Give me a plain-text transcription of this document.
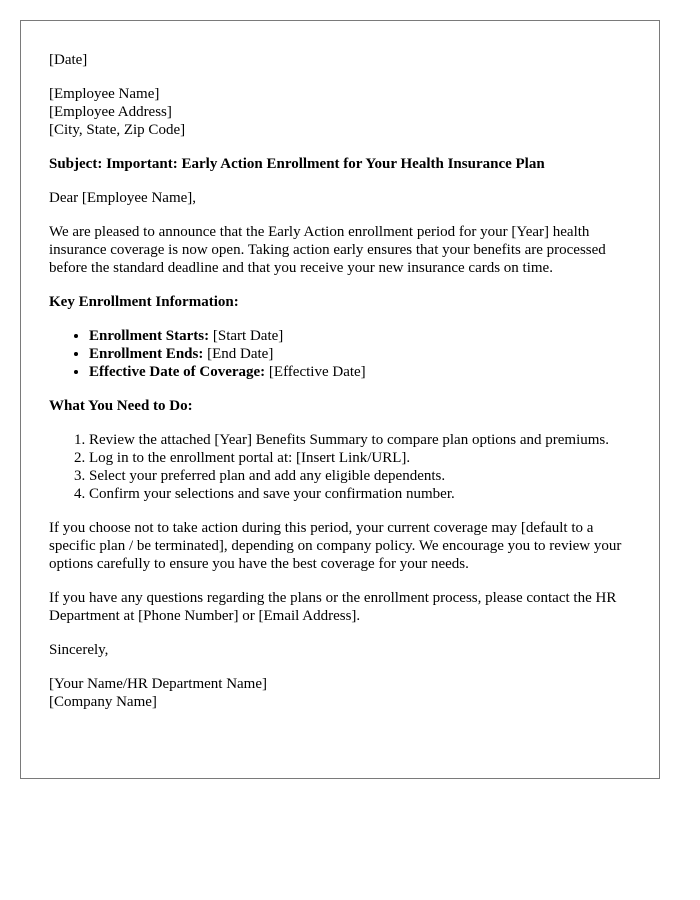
[Date]

[Employee Name]
[Employee Address]
[City, State, Zip Code]

Subject: Important: Early Action Enrollment for Your Health Insurance Plan

Dear [Employee Name],

We are pleased to announce that the Early Action enrollment period for your [Year] health insurance coverage is now open. Taking action early ensures that your benefits are processed before the standard deadline and that you receive your new insurance cards on time.

Key Enrollment Information:

• Enrollment Starts: [Start Date]
• Enrollment Ends: [End Date]
• Effective Date of Coverage: [Effective Date]

What You Need to Do:

1. Review the attached [Year] Benefits Summary to compare plan options and premiums.
2. Log in to the enrollment portal at: [Insert Link/URL].
3. Select your preferred plan and add any eligible dependents.
4. Confirm your selections and save your confirmation number.

If you choose not to take action during this period, your current coverage may [default to a specific plan / be terminated], depending on company policy. We encourage you to review your options carefully to ensure you have the best coverage for your needs.

If you have any questions regarding the plans or the enrollment process, please contact the HR Department at [Phone Number] or [Email Address].

Sincerely,

[Your Name/HR Department Name]
[Company Name]
